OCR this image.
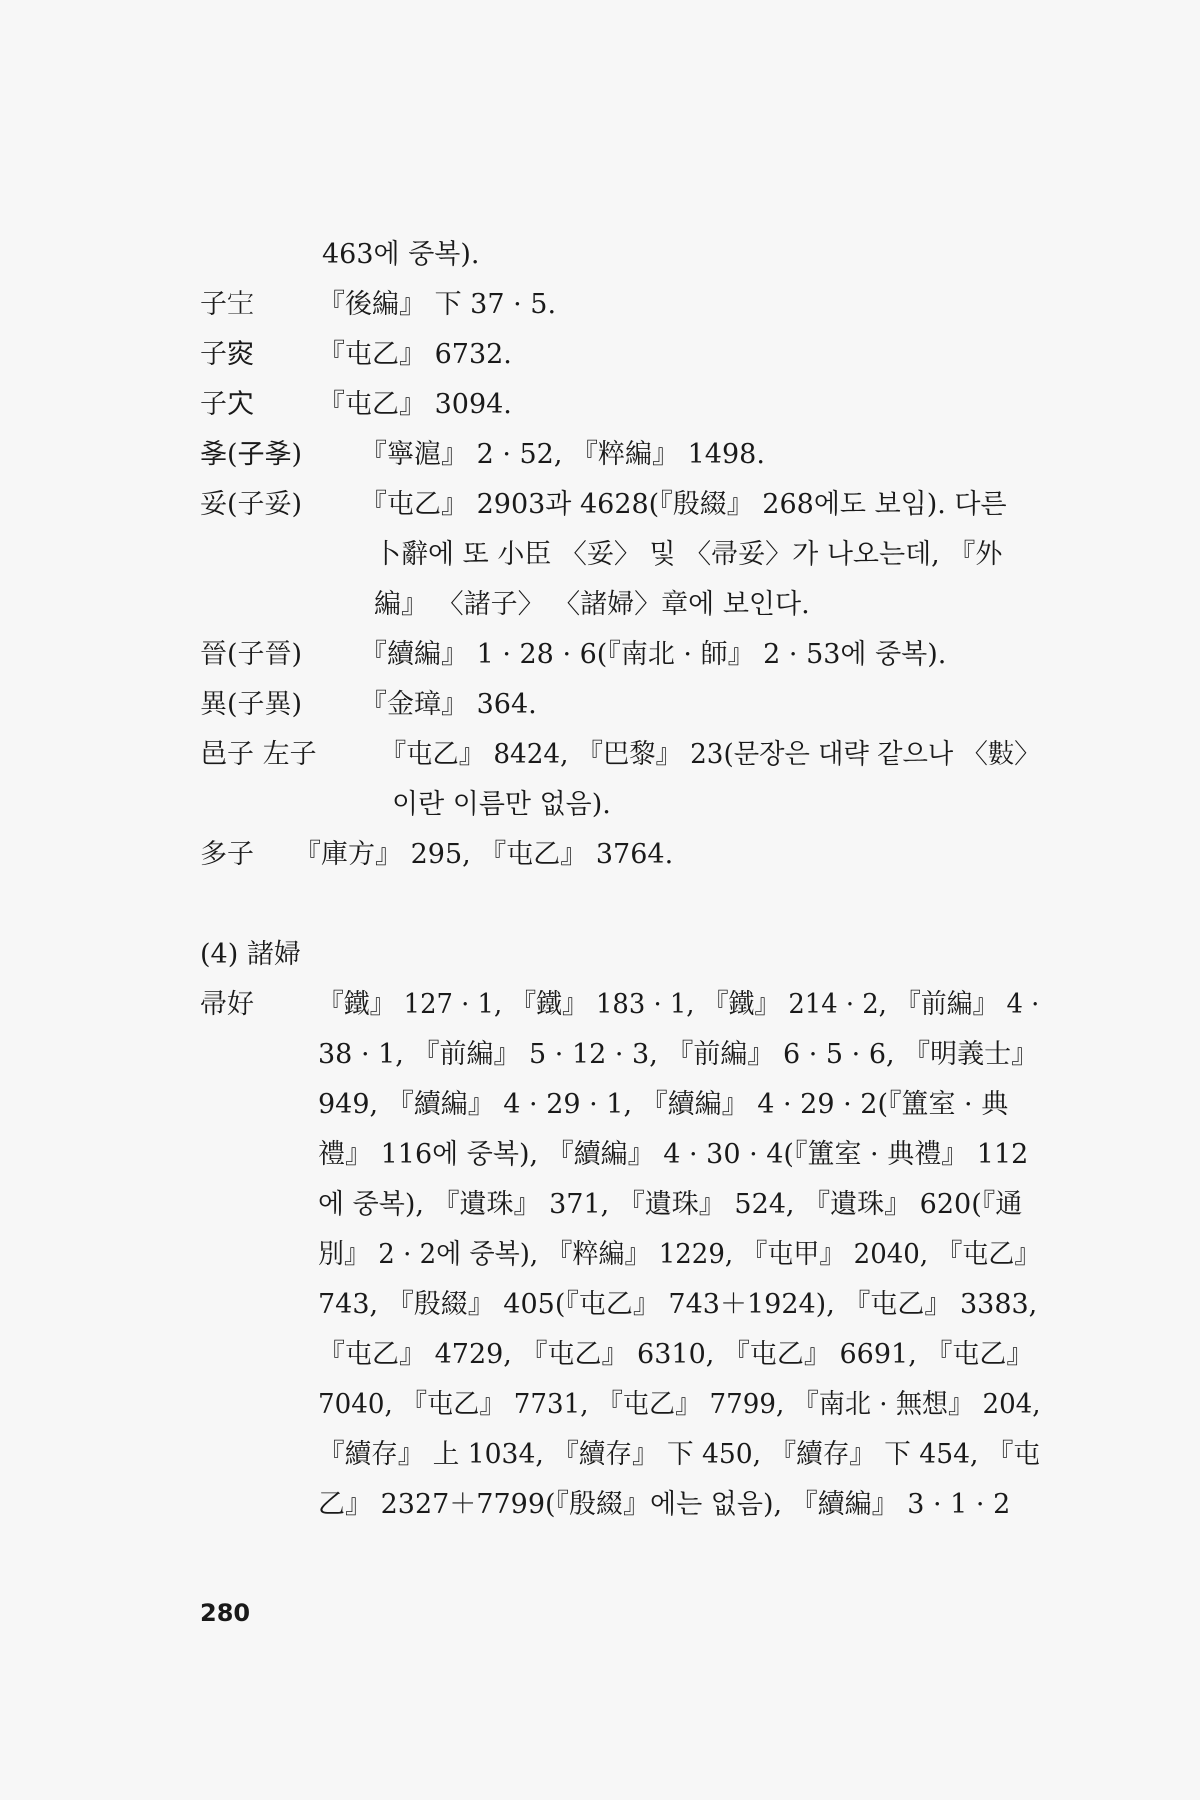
463에 중복).
子𡧇 『後編』 下 37 · 5.
子𡨼 『屯乙』 6732.
子𡦼 『屯乙』 3094.
𡥈(子𡥈) 『寧滬』 2 · 52, 『粹編』 1498.
妥(子妥) 『屯乙』 2903과 4628(『殷綴』 268에도 보임). 다른
卜辭에 또 小臣 〈妥〉 및 〈帚妥〉가 나오는데, 『外
編』 〈諸子〉 〈諸婦〉章에 보인다.
晉(子晉) 『續編』 1 · 28 · 6(『南北 · 師』 2 · 53에 중복).
異(子異) 『金璋』 364.
邑子 左子 『屯乙』 8424, 『巴黎』 23(문장은 대략 같으나 〈𢿘〉
이란 이름만 없음).
多子 『庫方』 295, 『屯乙』 3764.
(4) 諸婦
帚好 『鐵』 127 · 1, 『鐵』 183 · 1, 『鐵』 214 · 2, 『前編』 4 ·
38 · 1, 『前編』 5 · 12 · 3, 『前編』 6 · 5 · 6, 『明義士』
949, 『續編』 4 · 29 · 1, 『續編』 4 · 29 · 2(『簠室 · 典
禮』 116에 중복), 『續編』 4 · 30 · 4(『簠室 · 典禮』 112
에 중복), 『遺珠』 371, 『遺珠』 524, 『遺珠』 620(『通
別』 2 · 2에 중복), 『粹編』 1229, 『屯甲』 2040, 『屯乙』
743, 『殷綴』 405(『屯乙』 743＋1924), 『屯乙』 3383,
『屯乙』 4729, 『屯乙』 6310, 『屯乙』 6691, 『屯乙』
7040, 『屯乙』 7731, 『屯乙』 7799, 『南北 · 無想』 204,
『續存』 上 1034, 『續存』 下 450, 『續存』 下 454, 『屯
乙』 2327＋7799(『殷綴』에는 없음), 『續編』 3 · 1 · 2
280
